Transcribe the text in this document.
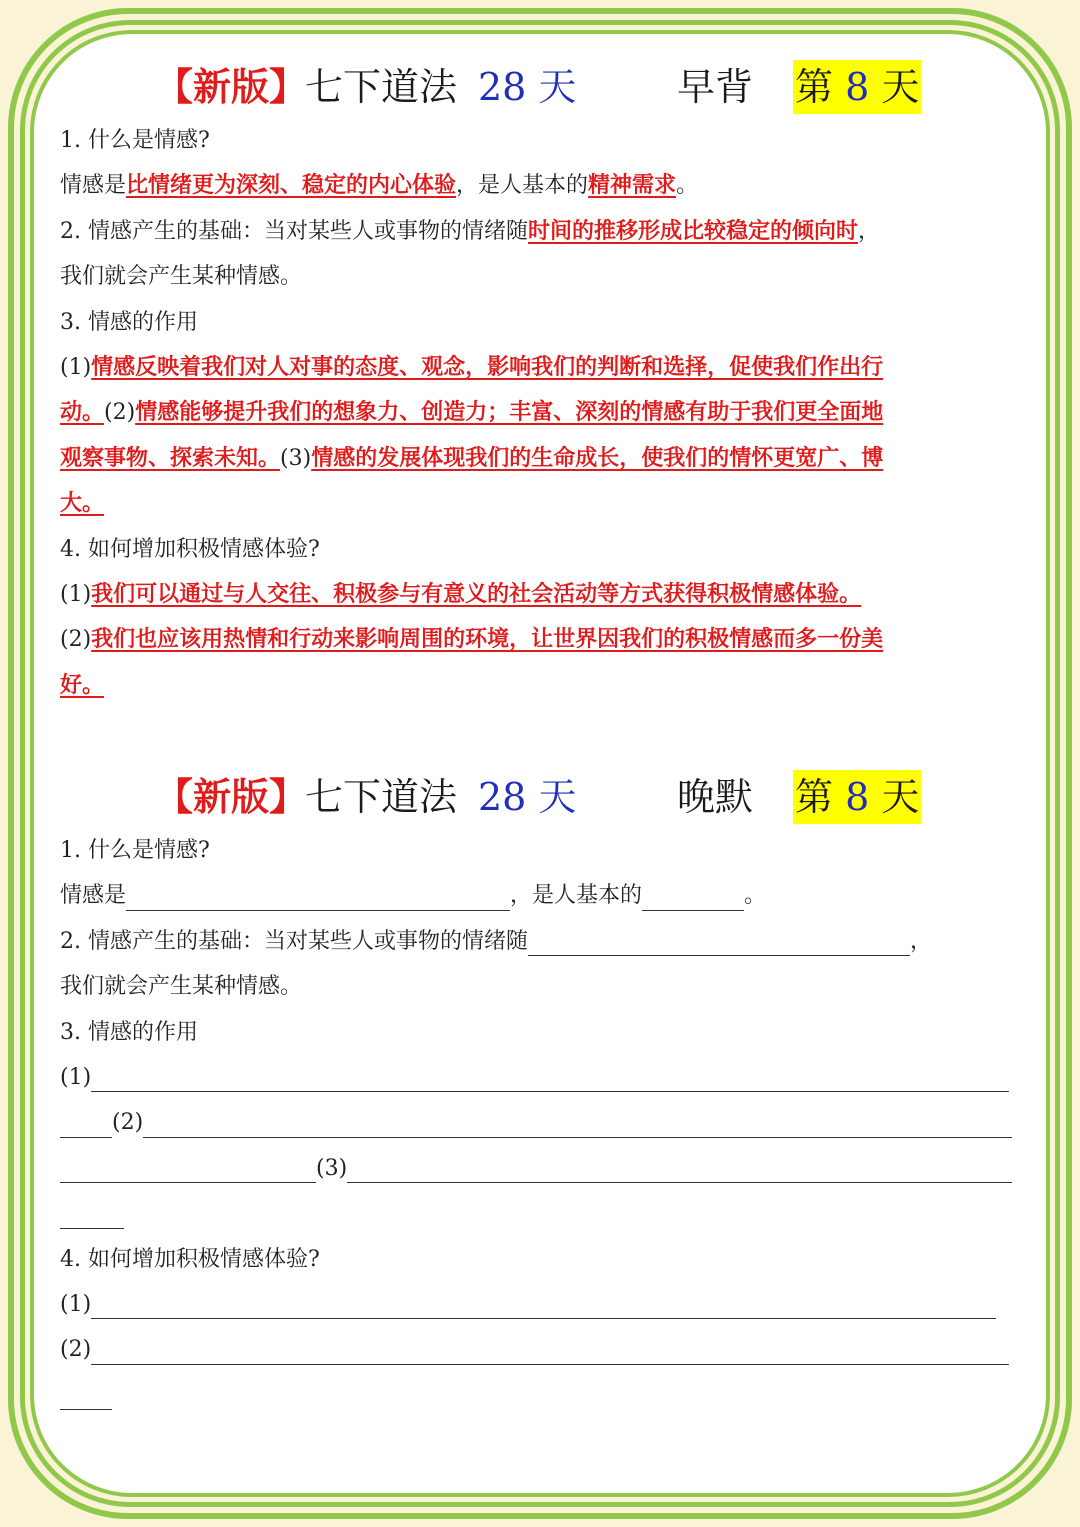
【新版】
七下道法 28 天	早背 第 8 天
1. 什么是情感?
情感是比情绪更为深刻、稳定的内心体验，是人基本的精神需求。
2. 情感产生的基础：当对某些人或事物的情绪随时间的推移形成比较稳定的倾向时，
我们就会产生某种情感。
3. 情感的作用
(1)情感反映着我们对人对事的态度、观念，影响我们的判断和选择，促使我们作出行
动。(2)情感能够提升我们的想象力、创造力；丰富、深刻的情感有助于我们更全面地
观察事物、探索未知。(3)情感的发展体现我们的生命成长，使我们的情怀更宽广、博
大。
4. 如何增加积极情感体验?
(1)我们可以通过与人交往、积极参与有意义的社会活动等方式获得积极情感体验。
(2)我们也应该用热情和行动来影响周围的环境，让世界因我们的积极情感而多一份美
好。
【新版】
七下道法 28 天	晚默 第 8 天
1. 什么是情感?
情感是	，是人基本的	。
2. 情感产生的基础：当对某些人或事物的情绪随	，
我们就会产生某种情感。
3. 情感的作用
(1)
(2)
(3)
4. 如何增加积极情感体验?
(1)
(2)
